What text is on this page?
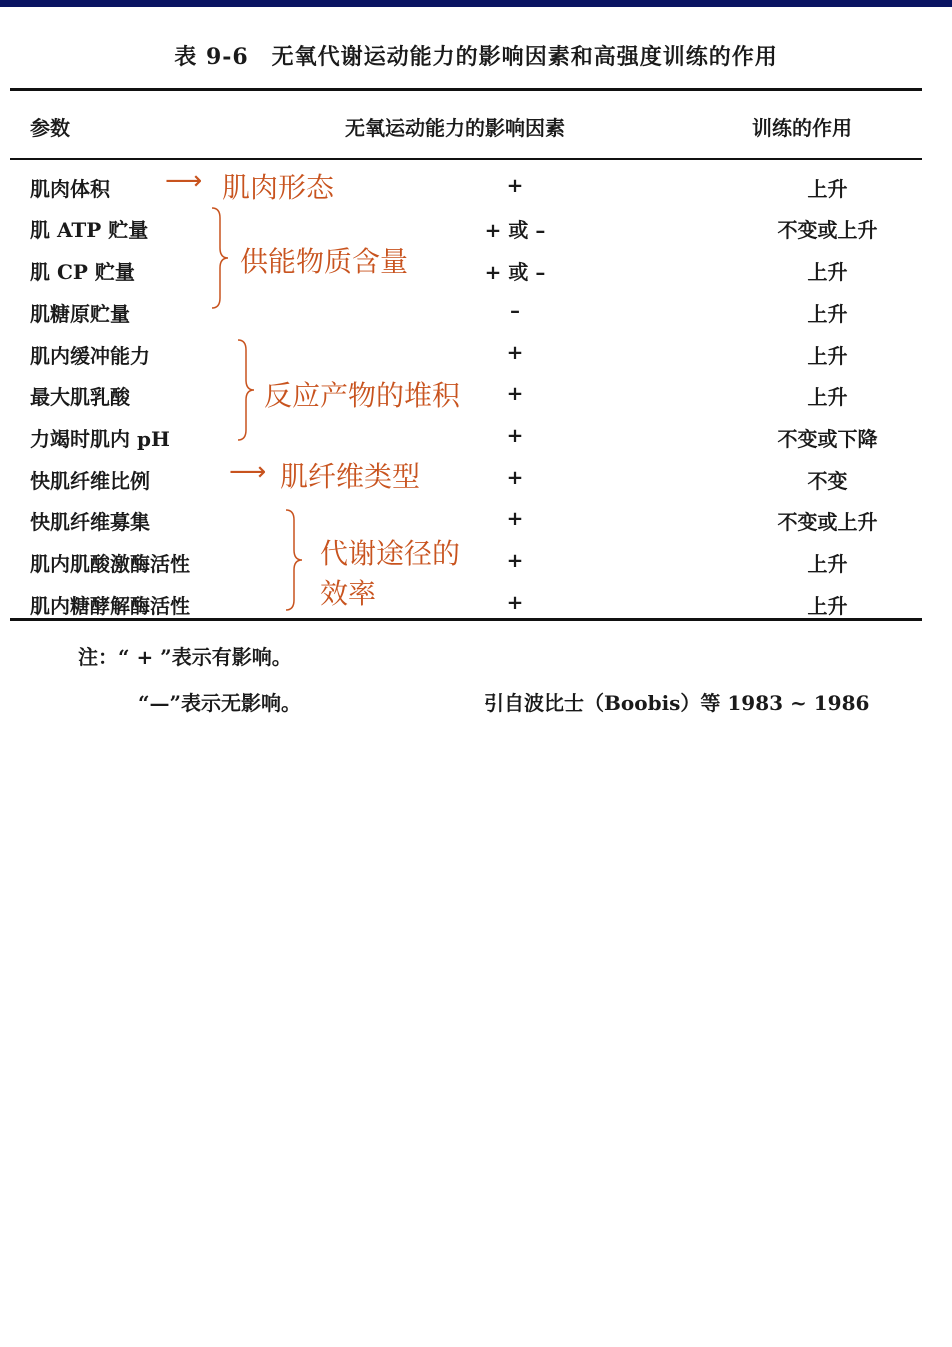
表 9-6　无氧代谢运动能力的影响因素和高强度训练的作用
参数	无氧运动能力的影响因素	训练的作用
肌肉体积	+	上升
肌 ATP 贮量	+ 或 –	不变或上升
肌 CP 贮量	+ 或 –	上升
肌糖原贮量	–	上升
肌内缓冲能力	+	上升
最大肌乳酸	+	上升
力竭时肌内 pH	+	不变或下降
快肌纤维比例	+	不变
快肌纤维募集	+	不变或上升
肌内肌酸激酶活性	+	上升
肌内糖酵解酶活性	+	上升
注：“ + ”表示有影响。
“—”表示无影响。	引自波比士（Boobis）等 1983 ~ 1986
⟶ 肌肉形态
供能物质含量
反应产物的堆积
⟶ 肌纤维类型
代谢途径的
效率
